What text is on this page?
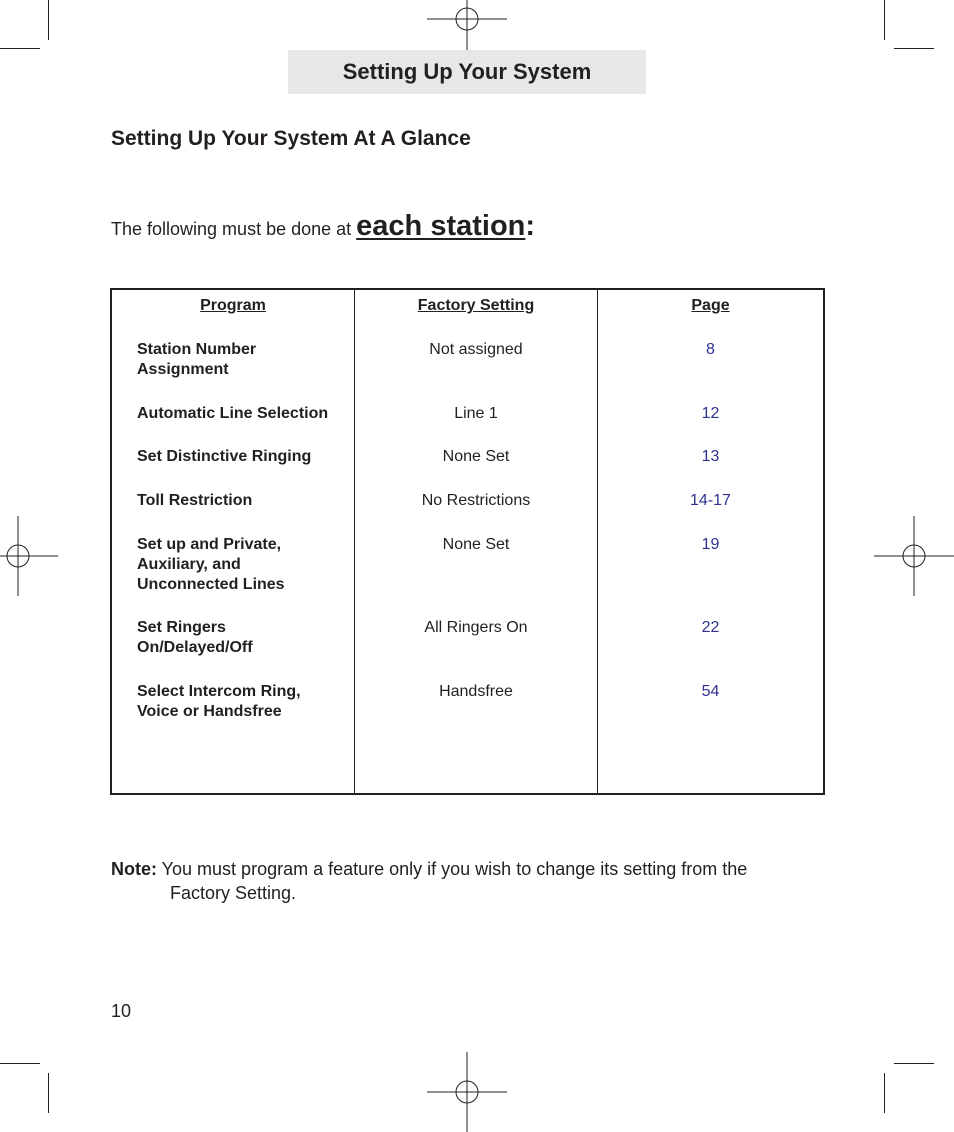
Setting Up Your System
Setting Up Your System At A Glance
The following must be done at each station:
Program	Factory Setting	Page
Station Number
Assignment
Not assigned	8
Automatic Line Selection	Line 1	12
Set Distinctive Ringing	None Set	13
Toll Restriction	No Restrictions	14-17
Set up and Private,
Auxiliary, and
Unconnected Lines
None Set	19
Set Ringers
On/Delayed/Off
All Ringers On	22
Select Intercom Ring,
Voice or Handsfree
Handsfree	54
Note: You must program a feature only if you wish to change its setting from the
Factory Setting.
10
